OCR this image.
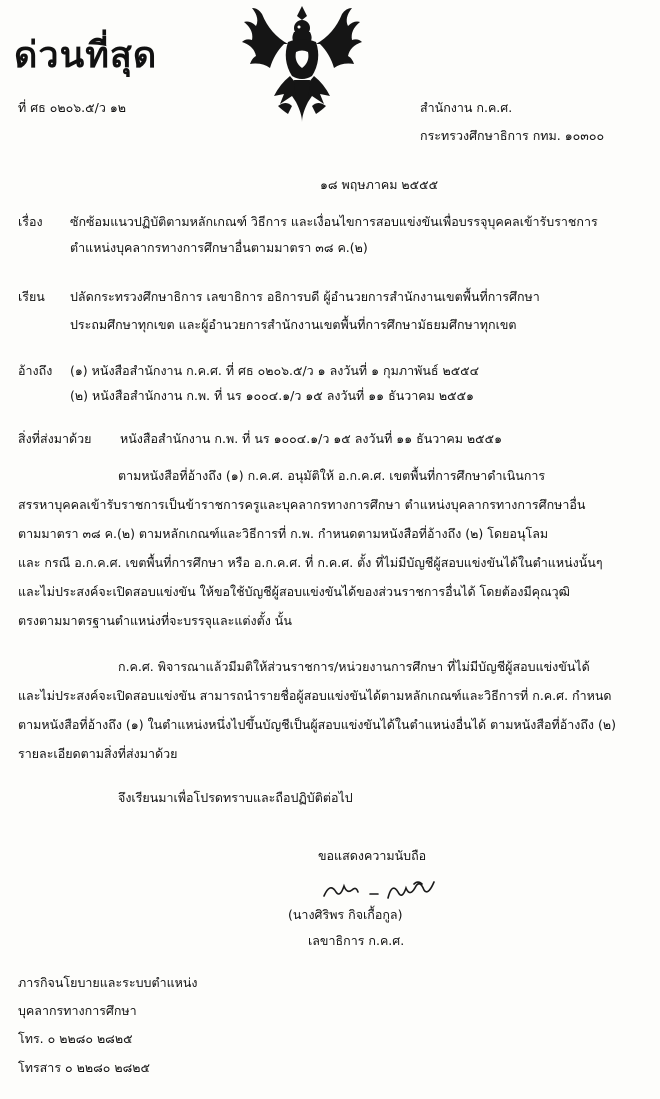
ด่วนที่สุด
ที่ ศธ ๐๒๐๖.๕/ว ๑๒	สำนักงาน ก.ค.ศ.
กระทรวงศึกษาธิการ กทม. ๑๐๓๐๐
๑๘ พฤษภาคม ๒๕๕๕
เรื่อง ซักซ้อมแนวปฏิบัติตามหลักเกณฑ์ วิธีการ และเงื่อนไขการสอบแข่งขันเพื่อบรรจุบุคคลเข้ารับราชการ
ตำแหน่งบุคลากรทางการศึกษาอื่นตามมาตรา ๓๘ ค.(๒)
เรียน ปลัดกระทรวงศึกษาธิการ เลขาธิการ อธิการบดี ผู้อำนวยการสำนักงานเขตพื้นที่การศึกษา
ประถมศึกษาทุกเขต และผู้อำนวยการสำนักงานเขตพื้นที่การศึกษามัธยมศึกษาทุกเขต
อ้างถึง (๑) หนังสือสำนักงาน ก.ค.ศ. ที่ ศธ ๐๒๐๖.๕/ว ๑ ลงวันที่ ๑ กุมภาพันธ์ ๒๕๕๔
(๒) หนังสือสำนักงาน ก.พ. ที่ นร ๑๐๐๔.๑/ว ๑๕ ลงวันที่ ๑๑ ธันวาคม ๒๕๕๑
สิ่งที่ส่งมาด้วย หนังสือสำนักงาน ก.พ. ที่ นร ๑๐๐๔.๑/ว ๑๕ ลงวันที่ ๑๑ ธันวาคม ๒๕๕๑
ตามหนังสือที่อ้างถึง (๑) ก.ค.ศ. อนุมัติให้ อ.ก.ค.ศ. เขตพื้นที่การศึกษาดำเนินการ
สรรหาบุคคลเข้ารับราชการเป็นข้าราชการครูและบุคลากรทางการศึกษา ตำแหน่งบุคลากรทางการศึกษาอื่น
ตามมาตรา ๓๘ ค.(๒) ตามหลักเกณฑ์และวิธีการที่ ก.พ. กำหนดตามหนังสือที่อ้างถึง (๒) โดยอนุโลม
และ กรณี อ.ก.ค.ศ. เขตพื้นที่การศึกษา หรือ อ.ก.ค.ศ. ที่ ก.ค.ศ. ตั้ง ที่ไม่มีบัญชีผู้สอบแข่งขันได้ในตำแหน่งนั้นๆ
และไม่ประสงค์จะเปิดสอบแข่งขัน ให้ขอใช้บัญชีผู้สอบแข่งขันได้ของส่วนราชการอื่นได้ โดยต้องมีคุณวุฒิ
ตรงตามมาตรฐานตำแหน่งที่จะบรรจุและแต่งตั้ง นั้น
ก.ค.ศ. พิจารณาแล้วมีมติให้ส่วนราชการ/หน่วยงานการศึกษา ที่ไม่มีบัญชีผู้สอบแข่งขันได้
และไม่ประสงค์จะเปิดสอบแข่งขัน สามารถนำรายชื่อผู้สอบแข่งขันได้ตามหลักเกณฑ์และวิธีการที่ ก.ค.ศ. กำหนด
ตามหนังสือที่อ้างถึง (๑) ในตำแหน่งหนึ่งไปขึ้นบัญชีเป็นผู้สอบแข่งขันได้ในตำแหน่งอื่นได้ ตามหนังสือที่อ้างถึง (๒)
รายละเอียดตามสิ่งที่ส่งมาด้วย
จึงเรียนมาเพื่อโปรดทราบและถือปฏิบัติต่อไป
ขอแสดงความนับถือ
(นางศิริพร กิจเกื้อกูล)
เลขาธิการ ก.ค.ศ.
ภารกิจนโยบายและระบบตำแหน่ง
บุคลากรทางการศึกษา
โทร. ๐ ๒๒๘๐ ๒๘๒๕
โทรสาร ๐ ๒๒๘๐ ๒๘๒๕
